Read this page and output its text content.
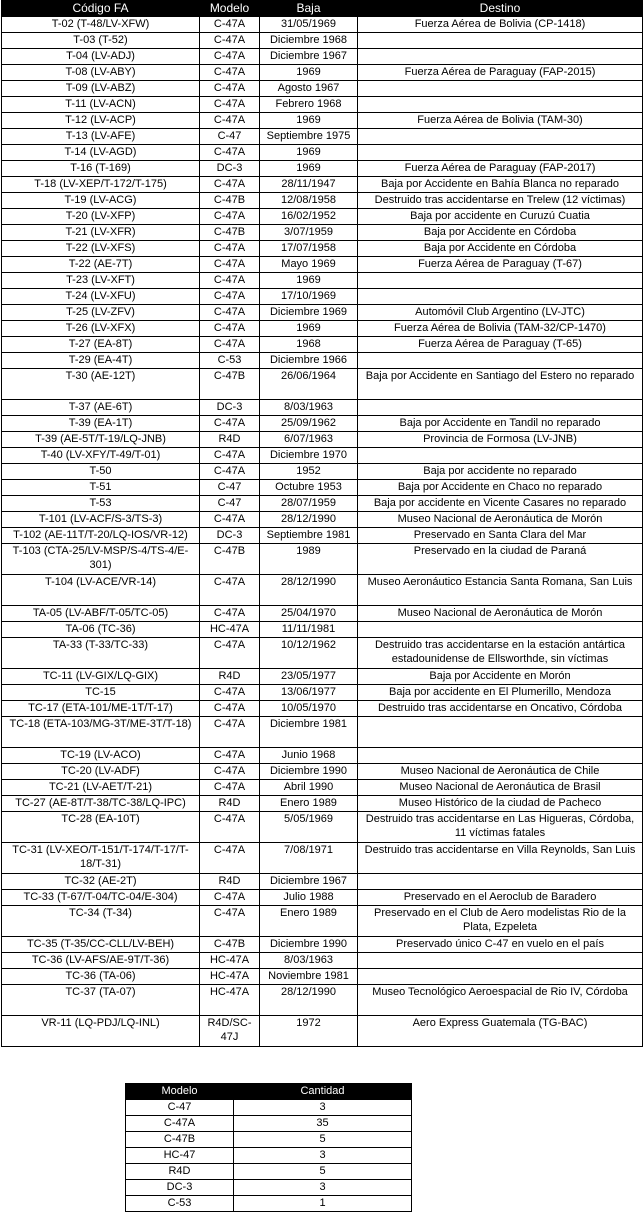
Código FA	Modelo	Baja	Destino
T-02 (T-48/LV-XFW)	C-47A	31/05/1969	Fuerza Aérea de Bolivia (CP-1418)
T-03 (T-52)	C-47A	Diciembre 1968	
T-04 (LV-ADJ)	C-47A	Diciembre 1967	
T-08 (LV-ABY)	C-47A	1969	Fuerza Aérea de Paraguay (FAP-2015)
T-09 (LV-ABZ)	C-47A	Agosto 1967	
T-11 (LV-ACN)	C-47A	Febrero 1968	
T-12 (LV-ACP)	C-47A	1969	Fuerza Aérea de Bolivia (TAM-30)
T-13 (LV-AFE)	C-47	Septiembre 1975	
T-14 (LV-AGD)	C-47A	1969	
T-16 (T-169)	DC-3	1969	Fuerza Aérea de Paraguay (FAP-2017)
T-18 (LV-XEP/T-172/T-175)	C-47A	28/11/1947	Baja por Accidente en Bahía Blanca no reparado
T-19 (LV-ACG)	C-47B	12/08/1958	Destruido tras accidentarse en Trelew (12 víctimas)
T-20 (LV-XFP)	C-47A	16/02/1952	Baja por accidente en Curuzú Cuatia
T-21 (LV-XFR)	C-47B	3/07/1959	Baja por Accidente en Córdoba
T-22 (LV-XFS)	C-47A	17/07/1958	Baja por Accidente en Córdoba
T-22 (AE-7T)	C-47A	Mayo 1969	Fuerza Aérea de Paraguay (T-67)
T-23 (LV-XFT)	C-47A	1969	
T-24 (LV-XFU)	C-47A	17/10/1969	
T-25 (LV-ZFV)	C-47A	Diciembre 1969	Automóvil Club Argentino (LV-JTC)
T-26 (LV-XFX)	C-47A	1969	Fuerza Aérea de Bolivia (TAM-32/CP-1470)
T-27 (EA-8T)	C-47A	1968	Fuerza Aérea de Paraguay (T-65)
T-29 (EA-4T)	C-53	Diciembre 1966	
T-30 (AE-12T)	C-47B	26/06/1964	Baja por Accidente en Santiago del Estero no reparado
T-37 (AE-6T)	DC-3	8/03/1963	
T-39 (EA-1T)	C-47A	25/09/1962	Baja por Accidente en Tandil no reparado
T-39 (AE-5T/T-19/LQ-JNB)	R4D	6/07/1963	Provincia de Formosa (LV-JNB)
T-40 (LV-XFY/T-49/T-01)	C-47A	Diciembre 1970	
T-50	C-47A	1952	Baja por accidente no reparado
T-51	C-47	Octubre 1953	Baja por Accidente en Chaco no reparado
T-53	C-47	28/07/1959	Baja por accidente en Vicente Casares no reparado
T-101 (LV-ACF/S-3/TS-3)	C-47A	28/12/1990	Museo Nacional de Aeronáutica de Morón
T-102 (AE-11T/T-20/LQ-IOS/VR-12)	DC-3	Septiembre 1981	Preservado en Santa Clara del Mar
T-103 (CTA-25/LV-MSP/S-4/TS-4/E-301)	C-47B	1989	Preservado en la ciudad de Paraná
T-104 (LV-ACE/VR-14)	C-47A	28/12/1990	Museo Aeronáutico Estancia Santa Romana, San Luis
TA-05 (LV-ABF/T-05/TC-05)	C-47A	25/04/1970	Museo Nacional de Aeronáutica de Morón
TA-06 (TC-36)	HC-47A	11/11/1981	
TA-33 (T-33/TC-33)	C-47A	10/12/1962	Destruido tras accidentarse en la estación antártica estadounidense de Ellsworthde, sin víctimas
TC-11 (LV-GIX/LQ-GIX)	R4D	23/05/1977	Baja por Accidente en Morón
TC-15	C-47A	13/06/1977	Baja por accidente en El Plumerillo, Mendoza
TC-17 (ETA-101/ME-1T/T-17)	C-47A	10/05/1970	Destruido tras accidentarse en Oncativo, Córdoba
TC-18 (ETA-103/MG-3T/ME-3T/T-18)	C-47A	Diciembre 1981	
TC-19 (LV-ACO)	C-47A	Junio 1968	
TC-20 (LV-ADF)	C-47A	Diciembre 1990	Museo Nacional de Aeronáutica de Chile
TC-21 (LV-AET/T-21)	C-47A	Abril 1990	Museo Nacional de Aeronáutica de Brasil
TC-27 (AE-8T/T-38/TC-38/LQ-IPC)	R4D	Enero 1989	Museo Histórico de la ciudad de Pacheco
TC-28 (EA-10T)	C-47A	5/05/1969	Destruido tras accidentarse en Las Higueras, Córdoba, 11 víctimas fatales
TC-31 (LV-XEO/T-151/T-174/T-17/T-18/T-31)	C-47A	7/08/1971	Destruido tras accidentarse en Villa Reynolds, San Luis
TC-32 (AE-2T)	R4D	Diciembre 1967	
TC-33 (T-67/T-04/TC-04/E-304)	C-47A	Julio 1988	Preservado en el Aeroclub de Baradero
TC-34 (T-34)	C-47A	Enero 1989	Preservado en el Club de Aero modelistas Rio de la Plata, Ezpeleta
TC-35 (T-35/CC-CLL/LV-BEH)	C-47B	Diciembre 1990	Preservado único C-47 en vuelo en el país
TC-36 (LV-AFS/AE-9T/T-36)	HC-47A	8/03/1963	
TC-36 (TA-06)	HC-47A	Noviembre 1981	
TC-37 (TA-07)	HC-47A	28/12/1990	Museo Tecnológico Aeroespacial de Rio IV, Córdoba
VR-11 (LQ-PDJ/LQ-INL)	R4D/SC-47J	1972	Aero Express Guatemala (TG-BAC)
Modelo	Cantidad
C-47	3
C-47A	35
C-47B	5
HC-47	3
R4D	5
DC-3	3
C-53	1
